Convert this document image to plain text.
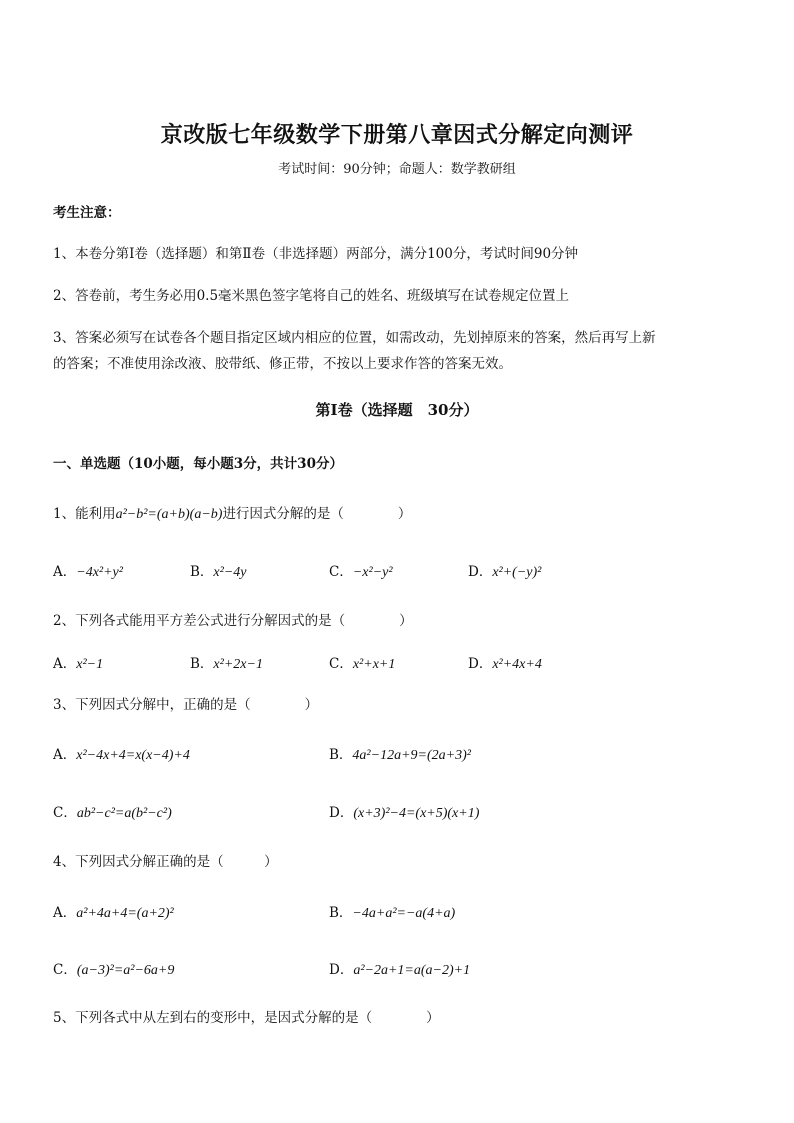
京改版七年级数学下册第八章因式分解定向测评
考试时间：90分钟；命题人：数学教研组
考生注意：
1、本卷分第Ⅰ卷（选择题）和第Ⅱ卷（非选择题）两部分，满分100分，考试时间90分钟
2、答卷前，考生务必用0.5毫米黑色签字笔将自己的姓名、班级填写在试卷规定位置上
3、答案必须写在试卷各个题目指定区域内相应的位置，如需改动，先划掉原来的答案，然后再写上新
的答案；不准使用涂改液、胶带纸、修正带，不按以上要求作答的答案无效。
第Ⅰ卷（选择题　30分）
一、单选题（10小题，每小题3分，共计30分）
1、能利用a²−b²=(a+b)(a−b)进行因式分解的是（　　　　）
A．−4x²+y²	B．x²−4y	C．−x²−y²	D．x²+(−y)²
2、下列各式能用平方差公式进行分解因式的是（　　　　）
A．x²−1	B．x²+2x−1	C．x²+x+1	D．x²+4x+4
3、下列因式分解中，正确的是（　　　　）
A．x²−4x+4=x(x−4)+4	B．4a²−12a+9=(2a+3)²
C．ab²−c²=a(b²−c²)	D．(x+3)²−4=(x+5)(x+1)
4、下列因式分解正确的是（　　　）
A．a²+4a+4=(a+2)²	B．−4a+a²=−a(4+a)
C．(a−3)²=a²−6a+9	D．a²−2a+1=a(a−2)+1
5、下列各式中从左到右的变形中，是因式分解的是（　　　　）
